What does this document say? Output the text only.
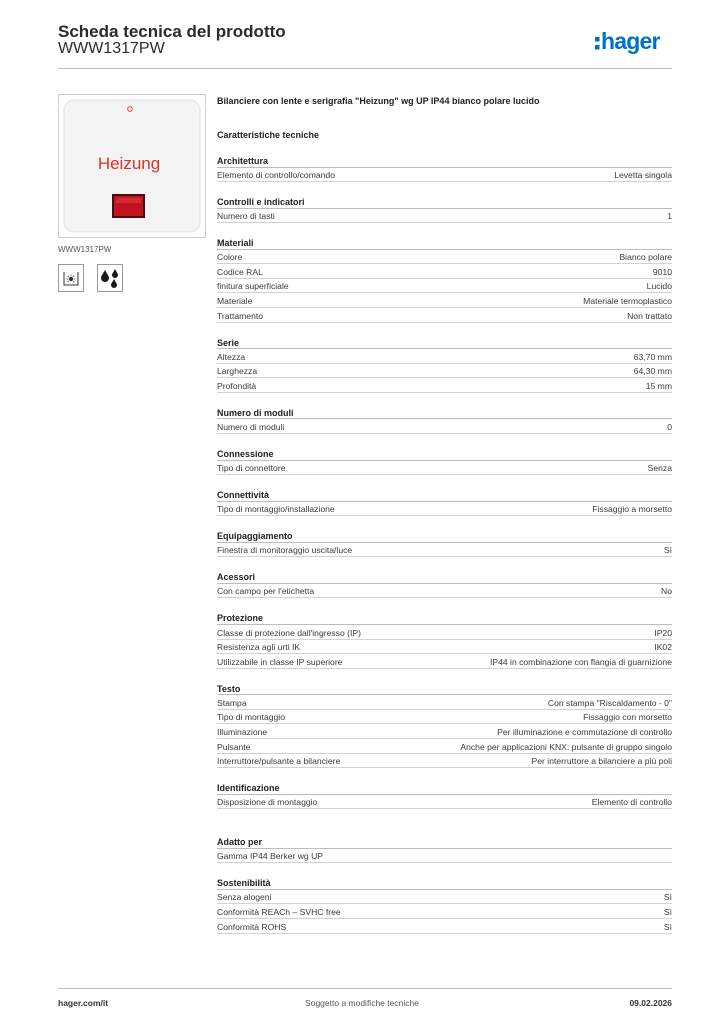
Scheda tecnica del prodotto
WWW1317PW	hager
Heizung
WWW1317PW
Bilanciere con lente e serigrafia "Heizung" wg UP IP44 bianco polare lucido
Caratteristiche tecniche
Architettura
Elemento di controllo/comando	Levetta singola
Controlli e indicatori
Numero di tasti	1
Materiali
Colore	Bianco polare
Codice RAL	9010
finitura superficiale	Lucido
Materiale	Materiale termoplastico
Trattamento	Non trattato
Serie
Altezza	63,70 mm
Larghezza	64,30 mm
Profondità	15 mm
Numero di moduli
Numero di moduli	0
Connessione
Tipo di connettore	Senza
Connettività
Tipo di montaggio/installazione	Fissaggio a morsetto
Equipaggiamento
Finestra di monitoraggio uscita/luce	Sì
Acessori
Con campo per l'etichetta	No
Protezione
Classe di protezione dall'ingresso (IP)	IP20
Resistenza agli urti IK	IK02
Utilizzabile in classe IP superiore	IP44 in combinazione con flangia di guarnizione
Testo
Stampa	Con stampa "Riscaldamento - 0"
Tipo di montaggio	Fissaggio con morsetto
Illuminazione	Per illuminazione e commutazione di controllo
Pulsante	Anche per applicazioni KNX: pulsante di gruppo singolo
Interruttore/pulsante a bilanciere	Per interruttore a bilanciere a più poli
Identificazione
Disposizione di montaggio	Elemento di controllo
Adatto per
Gamma IP44 Berker wg UP
Sostenibilità
Senza alogeni	Sì
Conformità REACh – SVHC free	Sì
Conformità ROHS	Sì
hager.com/it	Soggetto a modifiche tecniche	09.02.2026
